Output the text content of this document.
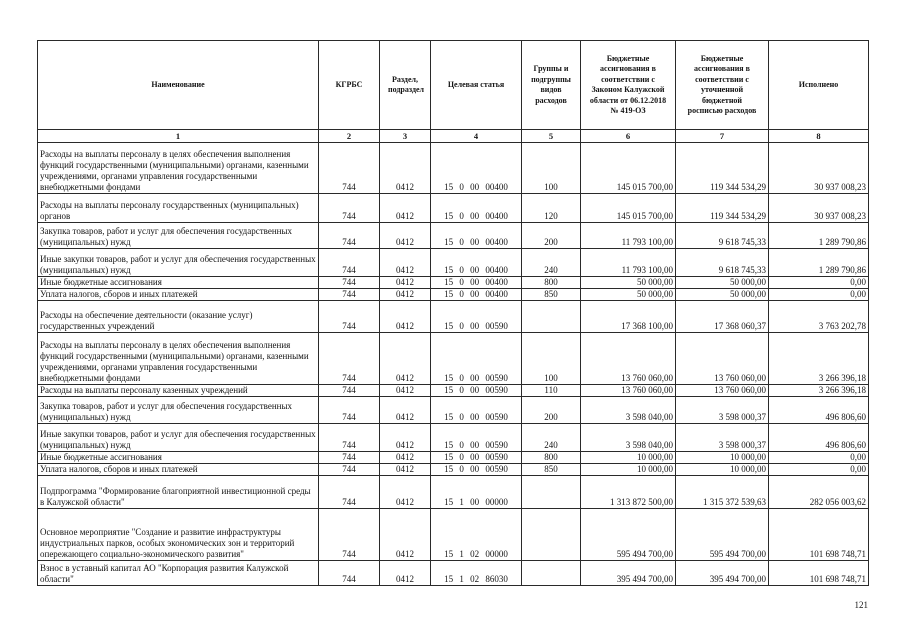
Наименование	КГРБС	Раздел, подраздел	Целевая статья	Группы и подгруппы видов расходов	Бюджетные ассигнования в соответствии с Законом Калужской области от 06.12.2018 № 419-ОЗ	Бюджетные ассигнования в соответствии с уточненной бюджетной росписью расходов	Исполнено
1	2	3	4	5	6	7	8
Расходы на выплаты персоналу в целях обеспечения выполнения функций государственными (муниципальными) органами, казенными учреждениями, органами управления государственными внебюджетными фондами	744	0412	15 0 00 00400	100	145 015 700,00	119 344 534,29	30 937 008,23
Расходы на выплаты персоналу государственных (муниципальных) органов	744	0412	15 0 00 00400	120	145 015 700,00	119 344 534,29	30 937 008,23
Закупка товаров, работ и услуг для обеспечения государственных (муниципальных) нужд	744	0412	15 0 00 00400	200	11 793 100,00	9 618 745,33	1 289 790,86
Иные закупки товаров, работ и услуг для обеспечения государственных (муниципальных) нужд	744	0412	15 0 00 00400	240	11 793 100,00	9 618 745,33	1 289 790,86
Иные бюджетные ассигнования	744	0412	15 0 00 00400	800	50 000,00	50 000,00	0,00
Уплата налогов, сборов и иных платежей	744	0412	15 0 00 00400	850	50 000,00	50 000,00	0,00
Расходы на обеспечение деятельности (оказание услуг) государственных учреждений	744	0412	15 0 00 00590		17 368 100,00	17 368 060,37	3 763 202,78
Расходы на выплаты персоналу в целях обеспечения выполнения функций государственными (муниципальными) органами, казенными учреждениями, органами управления государственными внебюджетными фондами	744	0412	15 0 00 00590	100	13 760 060,00	13 760 060,00	3 266 396,18
Расходы на выплаты персоналу казенных учреждений	744	0412	15 0 00 00590	110	13 760 060,00	13 760 060,00	3 266 396,18
Закупка товаров, работ и услуг для обеспечения государственных (муниципальных) нужд	744	0412	15 0 00 00590	200	3 598 040,00	3 598 000,37	496 806,60
Иные закупки товаров, работ и услуг для обеспечения государственных (муниципальных) нужд	744	0412	15 0 00 00590	240	3 598 040,00	3 598 000,37	496 806,60
Иные бюджетные ассигнования	744	0412	15 0 00 00590	800	10 000,00	10 000,00	0,00
Уплата налогов, сборов и иных платежей	744	0412	15 0 00 00590	850	10 000,00	10 000,00	0,00
Подпрограмма "Формирование благоприятной инвестиционной среды в Калужской области"	744	0412	15 1 00 00000		1 313 872 500,00	1 315 372 539,63	282 056 003,62
Основное мероприятие "Создание и развитие инфраструктуры индустриальных парков, особых экономических зон и территорий опережающего социально-экономического развития"	744	0412	15 1 02 00000		595 494 700,00	595 494 700,00	101 698 748,71
Взнос в уставный капитал АО "Корпорация развития Калужской области"	744	0412	15 1 02 86030		395 494 700,00	395 494 700,00	101 698 748,71
121
